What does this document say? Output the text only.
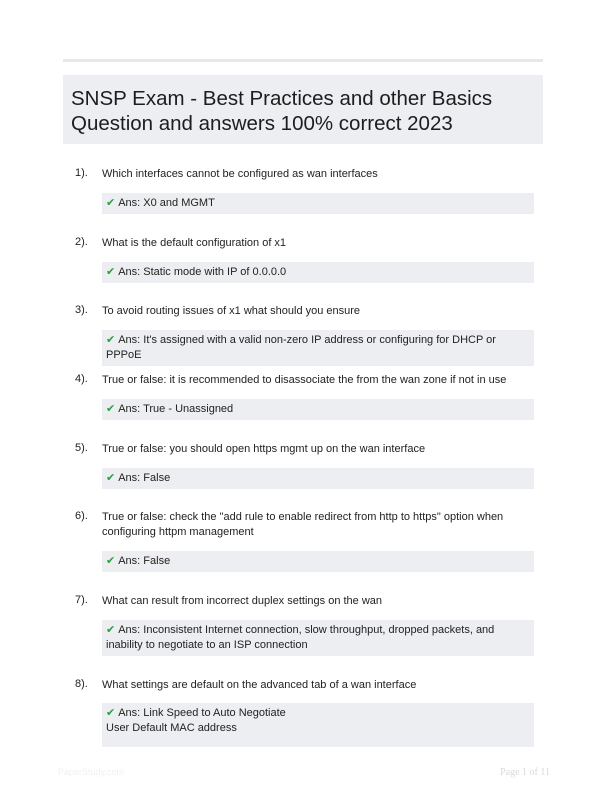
SNSP Exam - Best Practices and other Basics
Question and answers 100% correct 2023
1). Which interfaces cannot be configured as wan interfaces
✔ Ans: X0 and MGMT
2). What is the default configuration of x1
✔ Ans: Static mode with IP of 0.0.0.0
3). To avoid routing issues of x1 what should you ensure
✔ Ans: It's assigned with a valid non-zero IP address or configuring for DHCP or PPPoE
4). True or false: it is recommended to disassociate the from the wan zone if not in use
✔ Ans: True - Unassigned
5). True or false: you should open https mgmt up on the wan interface
✔ Ans: False
6). True or false: check the "add rule to enable redirect from http to https" option when configuring httpm management
✔ Ans: False
7). What can result from incorrect duplex settings on the wan
✔ Ans: Inconsistent Internet connection, slow throughput, dropped packets, and inability to negotiate to an ISP connection
8). What settings are default on the advanced tab of a wan interface
✔ Ans: Link Speed to Auto Negotiate
User Default MAC address
PaperStudy.com	Page 1 of 11
